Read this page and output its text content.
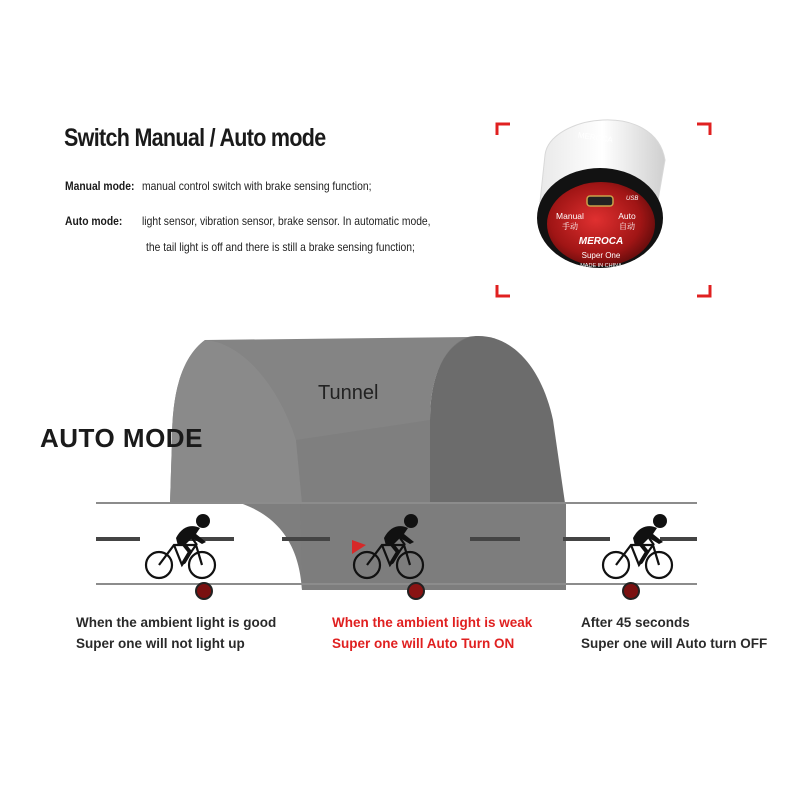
Switch Manual / Auto mode
Manual mode: manual control switch with brake sensing function;
Auto mode: light sensor, vibration sensor, brake sensor. In automatic mode,
the tail light is off and there is still a brake sensing function;
MEROCA
USB
Manual
手动
Auto
自动
MEROCA
Super One
MADE IN CHINA
Tunnel
AUTO MODE
When the ambient light is good
Super one will not light up
When the ambient light is weak
Super one will Auto Turn ON
After 45 seconds
Super one will Auto turn OFF
